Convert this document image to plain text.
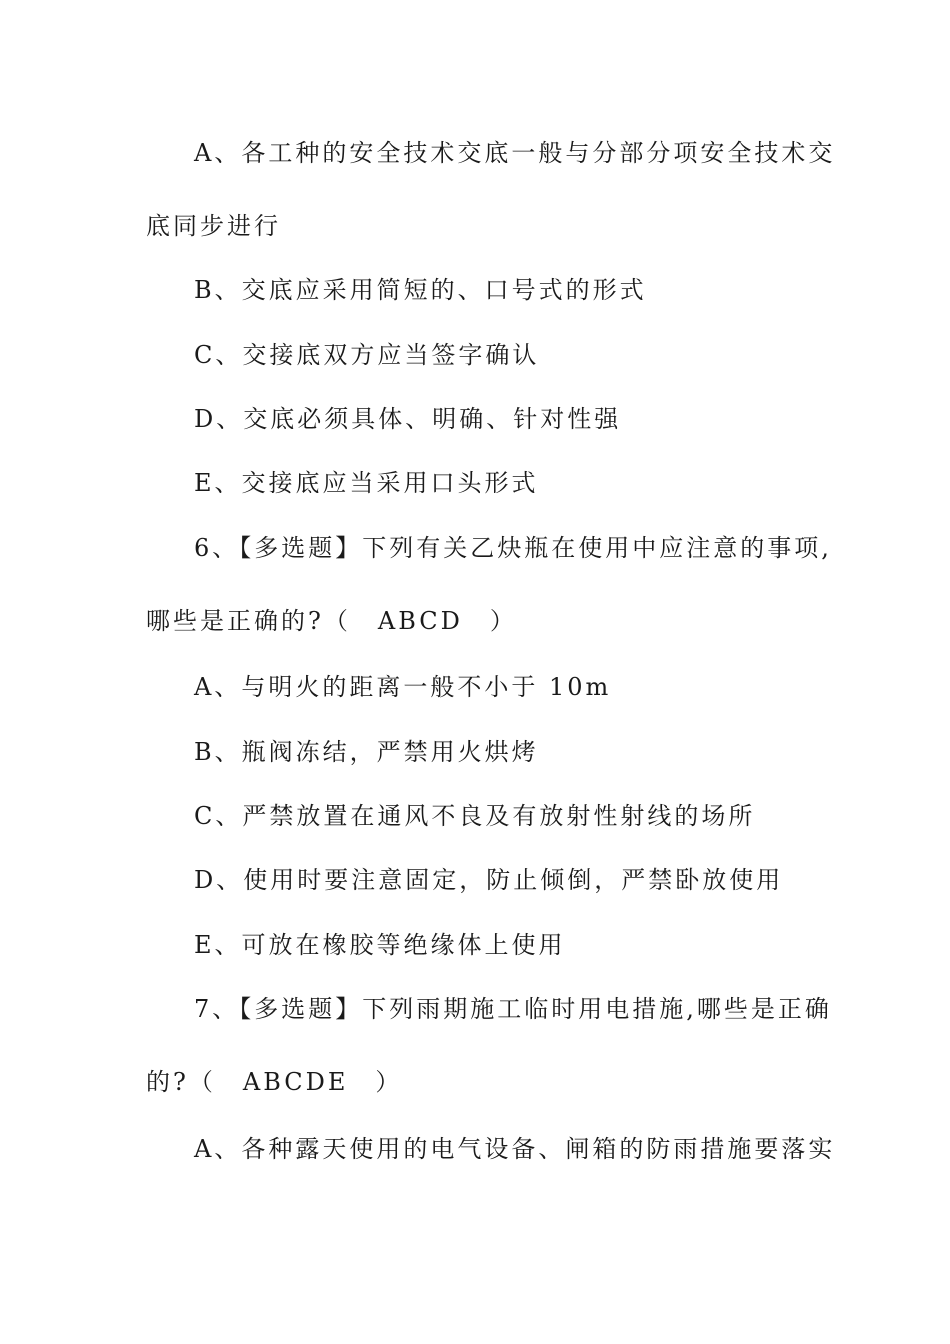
A、各工种的安全技术交底一般与分部分项安全技术交
底同步进行
B、交底应采用简短的、口号式的形式
C、交接底双方应当签字确认
D、交底必须具体、明确、针对性强
E、交接底应当采用口头形式
6、【多选题】下列有关乙炔瓶在使用中应注意的事项,
哪些是正确的?（　ABCD　）
A、与明火的距离一般不小于 10m
B、瓶阀冻结，严禁用火烘烤
C、严禁放置在通风不良及有放射性射线的场所
D、使用时要注意固定，防止倾倒，严禁卧放使用
E、可放在橡胶等绝缘体上使用
7、【多选题】下列雨期施工临时用电措施,哪些是正确
的?（　ABCDE　）
A、各种露天使用的电气设备、闸箱的防雨措施要落实
